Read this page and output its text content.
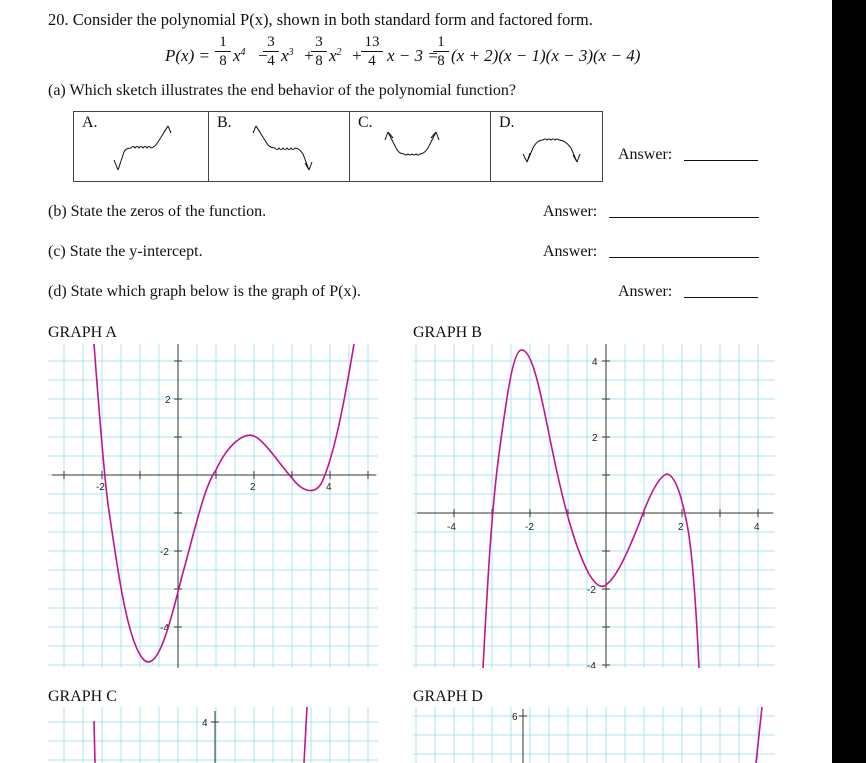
20. Consider the polynomial P(x), shown in both standard form and factored form.
P(x) =
1
8 $x^4$ −
3
4 $x^3$ +
3
8 $x^2$ +
13
4 x − 3 =
1
8 (x + 2)(x − 1)(x − 3)(x − 4)
(a) Which sketch illustrates the end behavior of the polynomial function?
A.	B.	C.	D.
Answer:
(b) State the zeros of the function.	Answer:
(c) State the y-intercept.	Answer:
(d) State which graph below is the graph of P(x).	Answer:
GRAPH A	GRAPH B
GRAPH C	GRAPH D
-2	2	4
2
-2
-4
-4	-2	2	4
4
2
-2
-4
4
6
